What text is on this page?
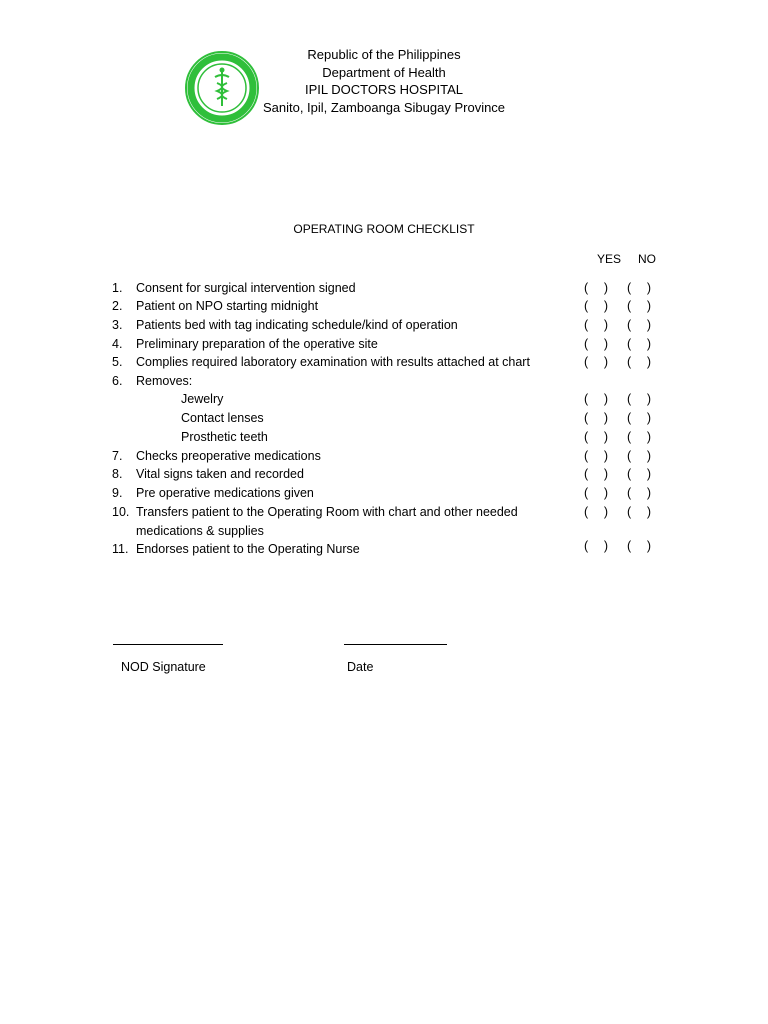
Republic of the Philippines
Department of Health
IPIL DOCTORS HOSPITAL
Sanito, Ipil, Zamboanga Sibugay Province
OPERATING ROOM CHECKLIST
YES NO
1. Consent for surgical intervention signed	( ) ( )
2. Patient on NPO starting midnight	( ) ( )
3. Patients bed with tag indicating schedule/kind of operation	( ) ( )
4. Preliminary preparation of the operative site	( ) ( )
5. Complies required laboratory examination with results attached at chart	( ) ( )
6. Removes:
Jewelry	( ) ( )
Contact lenses	( ) ( )
Prosthetic teeth	( ) ( )
7. Checks preoperative medications	( ) ( )
8. Vital signs taken and recorded	( ) ( )
9. Pre operative medications given	( ) ( )
10. Transfers patient to the Operating Room with chart and other needed	( ) ( )
medications & supplies
11. Endorses patient to the Operating Nurse	( ) ( )
NOD Signature	Date
